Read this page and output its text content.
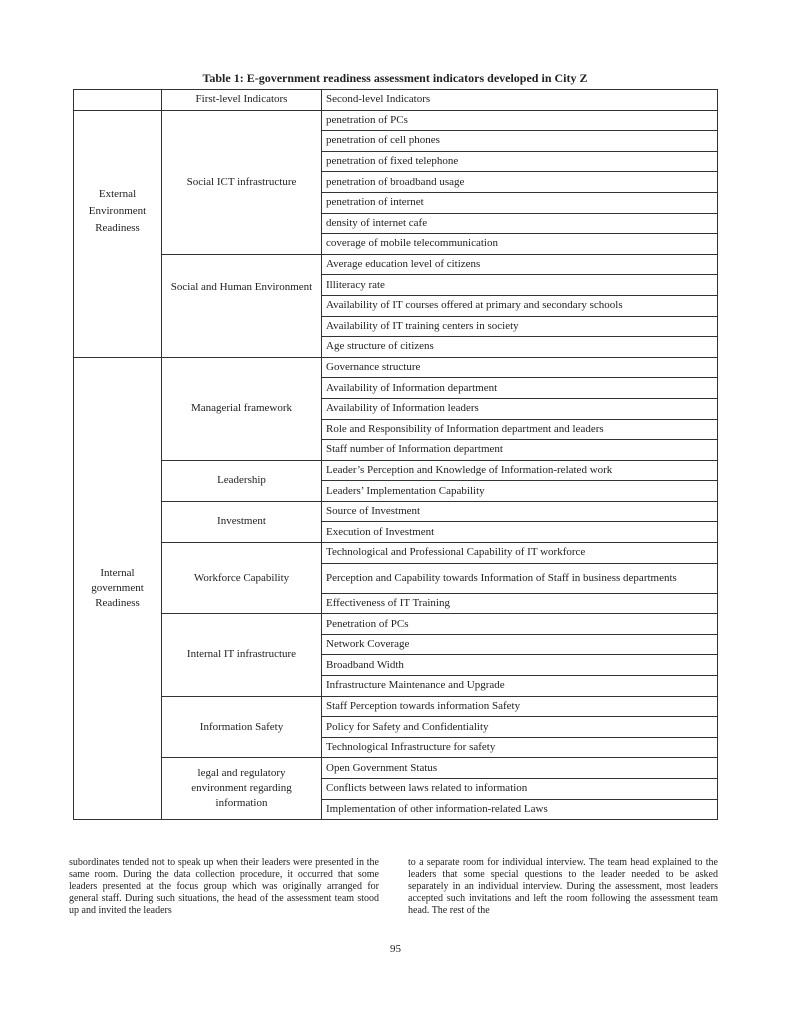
Table 1: E-government readiness assessment indicators developed in City Z
	First-level Indicators	Second-level Indicators
External Environment Readiness	Social ICT infrastructure	penetration of PCs
		penetration of cell phones
		penetration of fixed telephone
		penetration of broadband usage
		penetration of internet
		density of internet cafe
		coverage of mobile telecommunication
	Social and Human Environment	Average education level of citizens
		Illiteracy rate
		Availability of IT courses offered at primary and secondary schools
		Availability of IT training centers in society
		Age structure of citizens
Internal government Readiness	Managerial framework	Governance structure
		Availability of Information department
		Availability of Information leaders
		Role and Responsibility of Information department and leaders
		Staff number of Information department
	Leadership	Leader’s Perception and Knowledge of Information-related work
		Leaders’ Implementation Capability
	Investment	Source of Investment
		Execution of Investment
	Workforce Capability	Technological and Professional Capability of IT workforce
		Perception and Capability towards Information of Staff in business departments
		Effectiveness of IT Training
	Internal IT infrastructure	Penetration of PCs
		Network Coverage
		Broadband Width
		Infrastructure Maintenance and Upgrade
	Information Safety	Staff Perception towards information Safety
		Policy for Safety and Confidentiality
		Technological Infrastructure for safety
	legal and regulatory environment regarding information	Open Government Status
		Conflicts between laws related to information
		Implementation of other information-related Laws
subordinates tended not to speak up when their leaders were presented in the same room. During the data collection procedure, it occurred that some leaders presented at the focus group which was originally arranged for general staff. During such situations, the head of the assessment team stood up and invited the leaders
to a separate room for individual interview. The team head explained to the leaders that some special questions to the leader needed to be asked separately in an individual interview. During the assessment, most leaders accepted such invitations and left the room following the assessment team head. The rest of the
95
